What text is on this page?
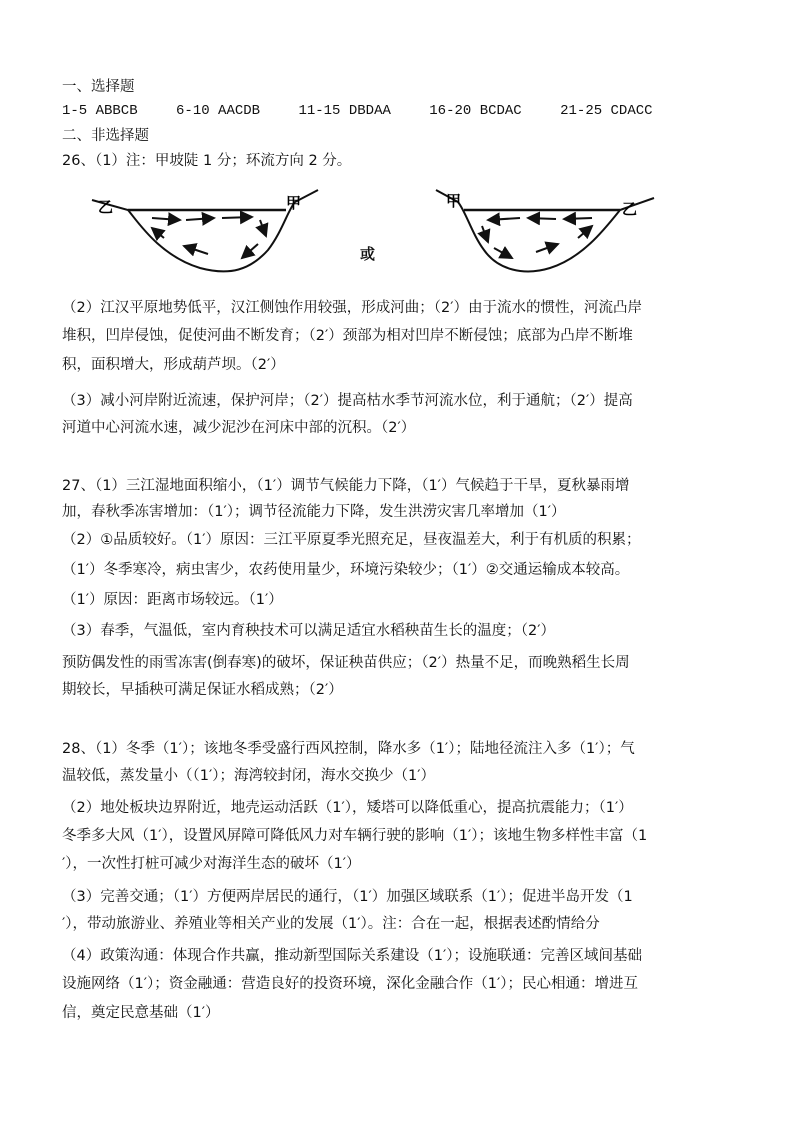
一、选择题
1-5 ABBCB	6-10 AACDB	11-15 DBDAA	16-20 BCDAC	21-25 CDACC
二、非选择题
26、（1）注：甲坡陡 1 分；环流方向 2 分。
乙	甲
或
甲	乙
（2）江汉平原地势低平，汉江侧蚀作用较强，形成河曲；（2′）由于流水的惯性，河流凸岸
堆积，凹岸侵蚀，促使河曲不断发育；（2′）颈部为相对凹岸不断侵蚀；底部为凸岸不断堆
积，面积增大，形成葫芦坝。（2′）
（3）减小河岸附近流速，保护河岸；（2′）提高枯水季节河流水位，利于通航；（2′）提高
河道中心河流水速，减少泥沙在河床中部的沉积。（2′）
27、（1）三江湿地面积缩小，（1′）调节气候能力下降，（1′）气候趋于干旱，夏秋暴雨增
加，春秋季冻害增加：（1′）；调节径流能力下降，发生洪涝灾害几率增加（1′）
（2）①品质较好。（1′）原因：三江平原夏季光照充足，昼夜温差大，利于有机质的积累；
（1′）冬季寒冷，病虫害少，农药使用量少，环境污染较少；（1′）②交通运输成本较高。
（1′）原因：距离市场较远。（1′）
（3）春季，气温低，室内育秧技术可以满足适宜水稻秧苗生长的温度；（2′）
预防偶发性的雨雪冻害(倒春寒)的破坏，保证秧苗供应；（2′）热量不足，而晚熟稻生长周
期较长，早插秧可满足保证水稻成熟；（2′）
28、（1）冬季（1′）；该地冬季受盛行西风控制，降水多（1′）；陆地径流注入多（1′）；气
温较低，蒸发量小（（1′）；海湾较封闭，海水交换少（1′）
（2）地处板块边界附近，地壳运动活跃（1′），矮塔可以降低重心，提高抗震能力；（1′）
冬季多大风（1′），设置风屏障可降低风力对车辆行驶的影响（1′）；该地生物多样性丰富（1
′），一次性打桩可减少对海洋生态的破坏（1′）
（3）完善交通；（1′）方便两岸居民的通行，（1′）加强区域联系（1′）；促进半岛开发（1
′），带动旅游业、养殖业等相关产业的发展（1′）。注：合在一起，根据表述酌情给分
（4）政策沟通：体现合作共赢，推动新型国际关系建设（1′）；设施联通：完善区域间基础
设施网络（1′）；资金融通：营造良好的投资环境，深化金融合作（1′）；民心相通：增进互
信，奠定民意基础（1′）
